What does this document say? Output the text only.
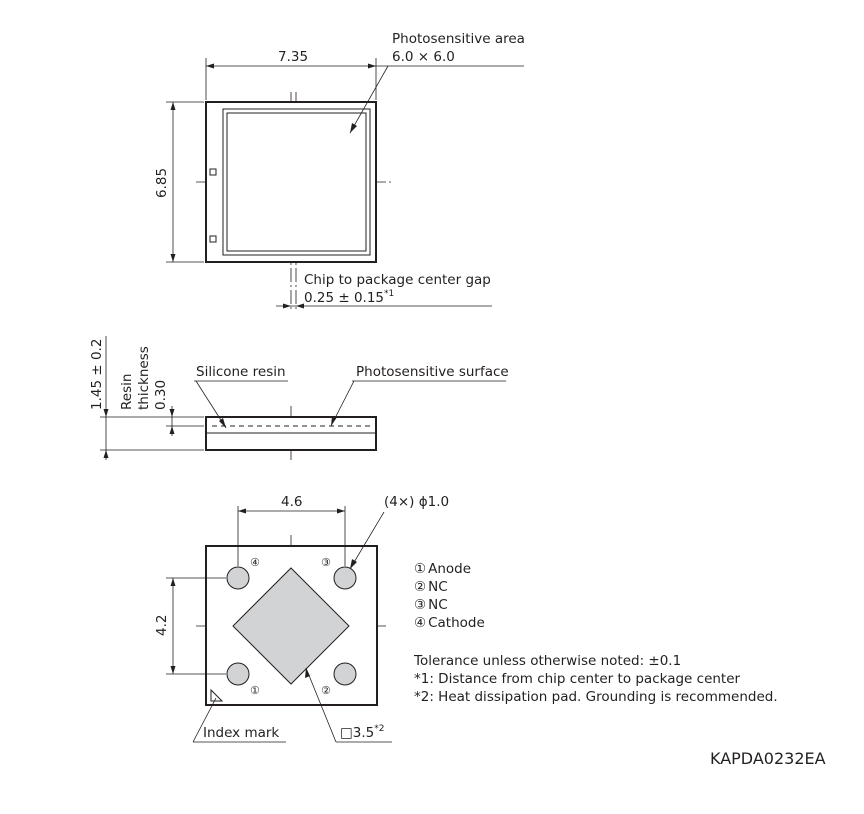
7.35
Photosensitive area
6.0 × 6.0
6.85
Chip to package center gap
$0.25 \pm 0.15^{*1}$
1.45 ± 0.2 Resin thickness 0.30
Silicone resin	Photosensitive surface
④	③
①	②
4.6
4.2
(4×) ϕ1.0
Index mark	□3.5$^{*2}$
① Anode
② NC
③ NC
④ Cathode
Tolerance unless otherwise noted: ±0.1
*1: Distance from chip center to package center
*2: Heat dissipation pad. Grounding is recommended.
KAPDA0232EA
